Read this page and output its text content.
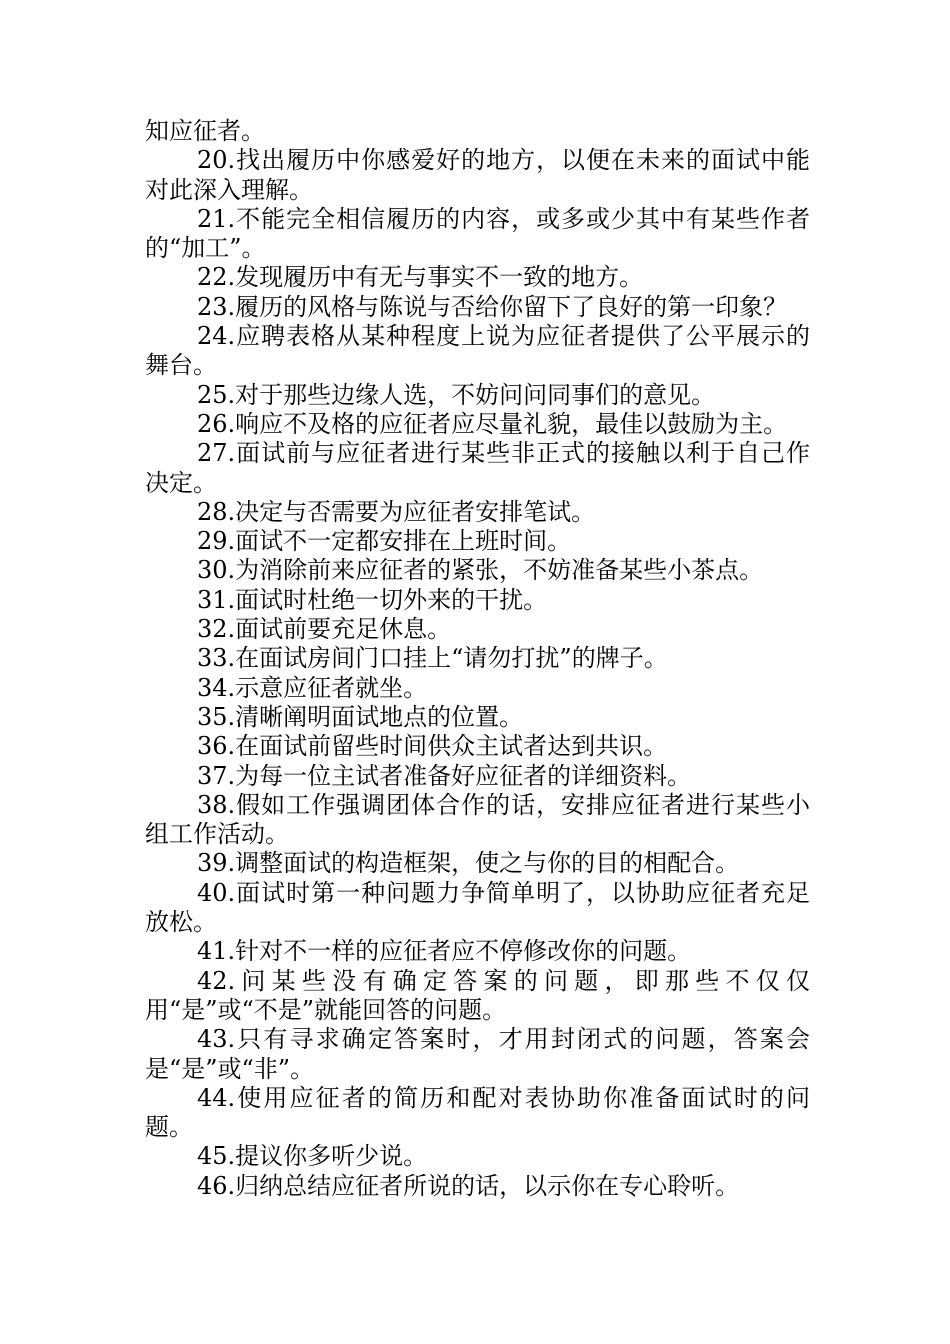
知应征者。

20.找出履历中你感爱好的地方，以便在未来的面试中能对此深入理解。

21.不能完全相信履历的内容，或多或少其中有某些作者的“加工”。

22.发现履历中有无与事实不一致的地方。

23.履历的风格与陈说与否给你留下了良好的第一印象？

24.应聘表格从某种程度上说为应征者提供了公平展示的舞台。

25.对于那些边缘人选，不妨问问同事们的意见。

26.响应不及格的应征者应尽量礼貌，最佳以鼓励为主。

27.面试前与应征者进行某些非正式的接触以利于自己作决定。

28.决定与否需要为应征者安排笔试。

29.面试不一定都安排在上班时间。

30.为消除前来应征者的紧张，不妨准备某些小茶点。

31.面试时杜绝一切外来的干扰。

32.面试前要充足休息。

33.在面试房间门口挂上“请勿打扰”的牌子。

34.示意应征者就坐。

35.清晰阐明面试地点的位置。

36.在面试前留些时间供众主试者达到共识。

37.为每一位主试者准备好应征者的详细资料。

38.假如工作强调团体合作的话，安排应征者进行某些小组工作活动。

39.调整面试的构造框架，使之与你的目的相配合。

40.面试时第一种问题力争简单明了，以协助应征者充足放松。

41.针对不一样的应征者应不停修改你的问题。

42.问某些没有确定答案的问题，即那些不仅仅用“是”或“不是”就能回答的问题。

43.只有寻求确定答案时，才用封闭式的问题，答案会是“是”或“非”。

44.使用应征者的简历和配对表协助你准备面试时的问题。

45.提议你多听少说。

46.归纳总结应征者所说的话，以示你在专心聆听。
